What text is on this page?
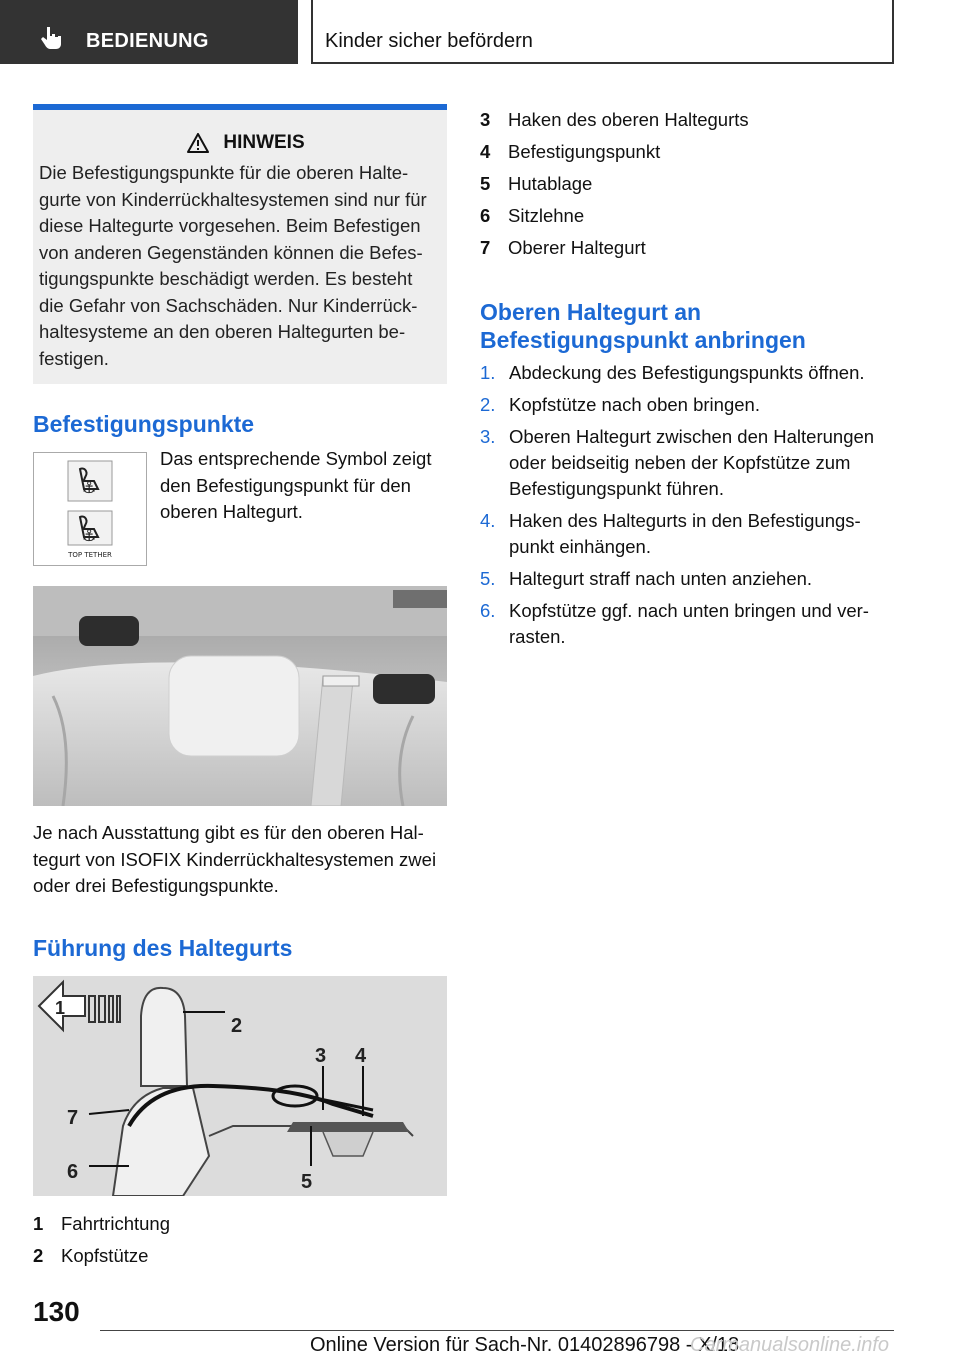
BEDIENUNG	Kinder sicher befördern
HINWEIS

Die Befestigungspunkte für die oberen Halte‐gurte von Kinderrückhaltesystemen sind nur für diese Haltegurte vorgesehen. Beim Befestigen von anderen Gegenständen können die Befes‐tigungspunkte beschädigt werden. Es besteht die Gefahr von Sachschäden. Nur Kinderrück‐haltesysteme an den oberen Haltegurten be‐festigen.

Befestigungspunkte
⚓
⚓
TOP TETHER
Das entsprechende Symbol zeigt den Befestigungspunkt für den oberen Haltegurt.

Je nach Ausstattung gibt es für den oberen Hal‐tegurt von ISOFIX Kinderrückhaltesystemen zwei oder drei Befestigungspunkte.

Führung des Haltegurts
1
2
3 4
5
6
7
1 Fahrtrichtung
2 Kopfstütze
3 Haken des oberen Haltegurts
4 Befestigungspunkt
5 Hutablage
6 Sitzlehne
7 Oberer Haltegurt
Oberen Haltegurt an Befestigungspunkt anbringen
1. Abdeckung des Befestigungspunkts öffnen.
2. Kopfstütze nach oben bringen.
3. Oberen Haltegurt zwischen den Halterungen oder beidseitig neben der Kopfstütze zum Befestigungspunkt führen.
4. Haken des Haltegurts in den Befestigungs‐punkt einhängen.
5. Haltegurt straff nach unten anziehen.
6. Kopfstütze ggf. nach unten bringen und ver‐rasten.
130
Online Version für Sach-Nr. 01402896798 - X/18
Carmanualsonline.info
